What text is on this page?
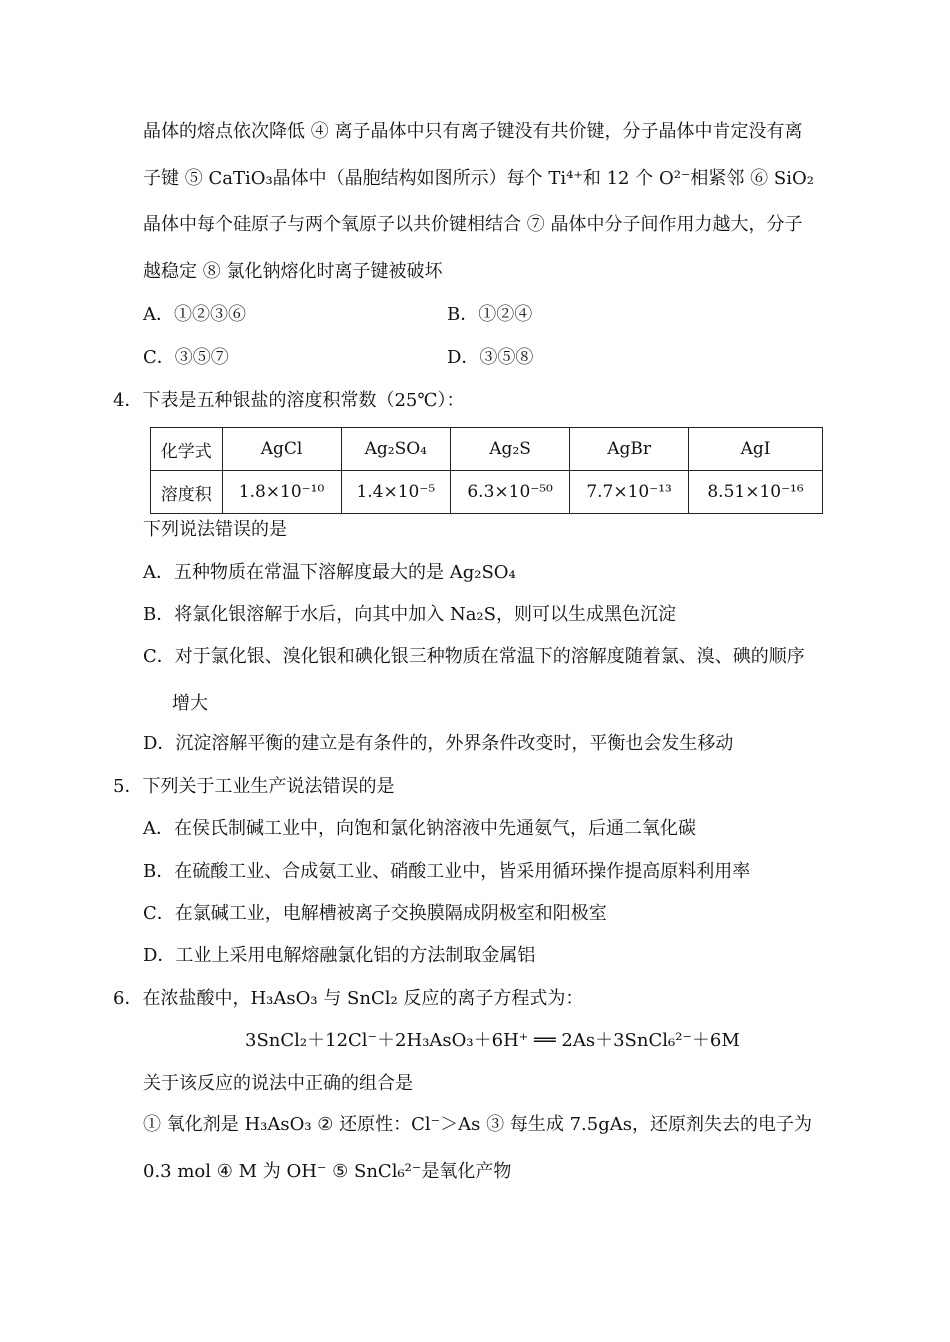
晶体的熔点依次降低 ④ 离子晶体中只有离子键没有共价键，分子晶体中肯定没有离
子键 ⑤ CaTiO₃晶体中（晶胞结构如图所示）每个 Ti⁴⁺和 12 个 O²⁻相紧邻 ⑥ SiO₂
晶体中每个硅原子与两个氧原子以共价键相结合 ⑦ 晶体中分子间作用力越大，分子
越稳定 ⑧ 氯化钠熔化时离子键被破坏
A．①②③⑥	B．①②④
C．③⑤⑦	D．③⑤⑧
4．下表是五种银盐的溶度积常数（25℃）：
化学式	AgCl	Ag₂SO₄	Ag₂S	AgBr	AgI
溶度积	1.8×10⁻¹⁰	1.4×10⁻⁵	6.3×10⁻⁵⁰	7.7×10⁻¹³	8.51×10⁻¹⁶
下列说法错误的是
A．五种物质在常温下溶解度最大的是 Ag₂SO₄
B．将氯化银溶解于水后，向其中加入 Na₂S，则可以生成黑色沉淀
C．对于氯化银、溴化银和碘化银三种物质在常温下的溶解度随着氯、溴、碘的顺序
增大
D．沉淀溶解平衡的建立是有条件的，外界条件改变时，平衡也会发生移动
5．下列关于工业生产说法错误的是
A．在侯氏制碱工业中，向饱和氯化钠溶液中先通氨气，后通二氧化碳
B．在硫酸工业、合成氨工业、硝酸工业中，皆采用循环操作提高原料利用率
C．在氯碱工业，电解槽被离子交换膜隔成阴极室和阳极室
D．工业上采用电解熔融氯化铝的方法制取金属铝
6．在浓盐酸中，H₃AsO₃ 与 SnCl₂ 反应的离子方程式为：
3SnCl₂＋12Cl⁻＋2H₃AsO₃＋6H⁺ ══ 2As＋3SnCl₆²⁻＋6M
关于该反应的说法中正确的组合是
① 氧化剂是 H₃AsO₃ ② 还原性：Cl⁻＞As ③ 每生成 7.5gAs，还原剂失去的电子为
0.3 mol ④ M 为 OH⁻ ⑤ SnCl₆²⁻是氧化产物
